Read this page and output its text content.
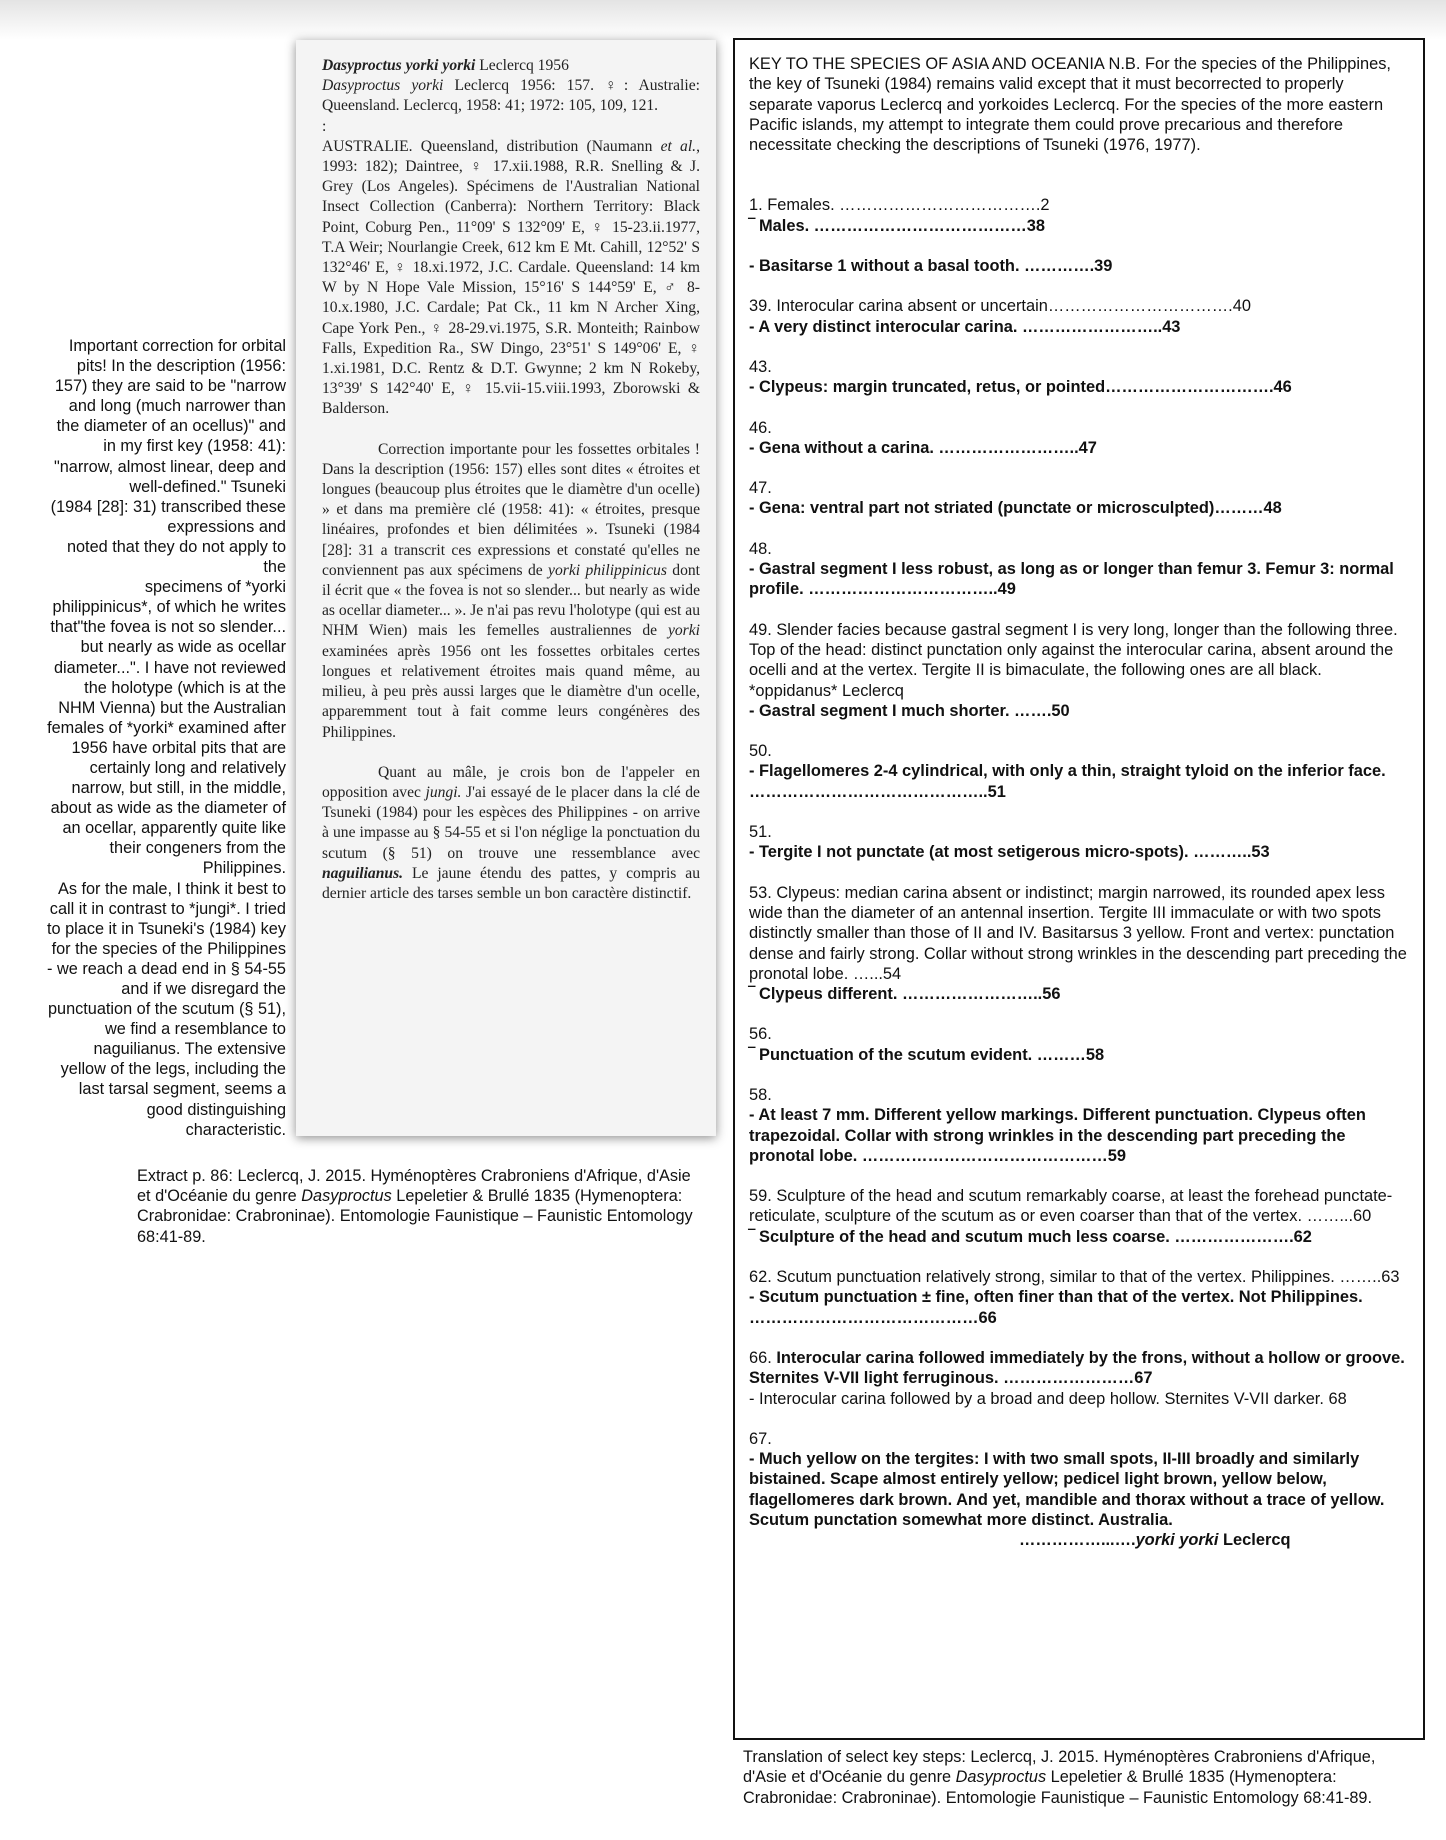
Important correction for orbital
pits! In the description (1956:
157) they are said to be "narrow
and long (much narrower than
the diameter of an ocellus)" and
in my first key (1958: 41):
"narrow, almost linear, deep and
well-defined." Tsuneki
(1984 [28]: 31) transcribed these
expressions and
noted that they do not apply to
the
specimens of *yorki
philippinicus*, of which he writes
that"the fovea is not so slender...
but nearly as wide as ocellar
diameter...". I have not reviewed
the holotype (which is at the
NHM Vienna) but the Australian
females of *yorki* examined after
1956 have orbital pits that are
certainly long and relatively
narrow, but still, in the middle,
about as wide as the diameter of
an ocellar, apparently quite like
their congeners from the
Philippines.
As for the male, I think it best to
call it in contrast to *jungi*. I tried
to place it in Tsuneki's (1984) key
for the species of the Philippines
- we reach a dead end in § 54-55
and if we disregard the
punctuation of the scutum (§ 51),
we find a resemblance to
naguilianus. The extensive
yellow of the legs, including the
last tarsal segment, seems a
good distinguishing
characteristic.
Dasyproctus yorki yorki Leclercq 1956
Dasyproctus yorki Leclercq 1956: 157. ♀: Australie: Queensland. Leclercq, 1958: 41; 1972: 105, 109, 121.
:
AUSTRALIE. Queensland, distribution (Naumann et al., 1993: 182); Daintree, ♀ 17.xii.1988, R.R. Snelling & J. Grey (Los Angeles). Spécimens de l'Australian National Insect Collection (Canberra): Northern Territory: Black Point, Coburg Pen., 11°09' S 132°09' E, ♀ 15-23.ii.1977, T.A Weir; Nourlangie Creek, 612 km E Mt. Cahill, 12°52' S 132°46' E, ♀ 18.xi.1972, J.C. Cardale. Queensland: 14 km W by N Hope Vale Mission, 15°16' S 144°59' E, ♂ 8-10.x.1980, J.C. Cardale; Pat Ck., 11 km N Archer Xing, Cape York Pen., ♀ 28-29.vi.1975, S.R. Monteith; Rainbow Falls, Expedition Ra., SW Dingo, 23°51' S 149°06' E, ♀ 1.xi.1981, D.C. Rentz & D.T. Gwynne; 2 km N Rokeby, 13°39' S 142°40' E, ♀ 15.vii-15.viii.1993, Zborowski & Balderson.
Correction importante pour les fossettes orbitales ! Dans la description (1956: 157) elles sont dites « étroites et longues (beaucoup plus étroites que le diamètre d'un ocelle) » et dans ma première clé (1958: 41): « étroites, presque linéaires, profondes et bien délimitées ». Tsuneki (1984 [28]: 31 a transcrit ces expressions et constaté qu'elles ne conviennent pas aux spécimens de yorki philippinicus dont il écrit que « the fovea is not so slender... but nearly as wide as ocellar diameter... ». Je n'ai pas revu l'holotype (qui est au NHM Wien) mais les femelles australiennes de yorki examinées après 1956 ont les fossettes orbitales certes longues et relativement étroites mais quand même, au milieu, à peu près aussi larges que le diamètre d'un ocelle, apparemment tout à fait comme leurs congénères des Philippines.
Quant au mâle, je crois bon de l'appeler en opposition avec jungi. J'ai essayé de le placer dans la clé de Tsuneki (1984) pour les espèces des Philippines - on arrive à une impasse au § 54-55 et si l'on néglige la ponctuation du scutum (§ 51) on trouve une ressemblance avec naguilianus. Le jaune étendu des pattes, y compris au dernier article des tarses semble un bon caractère distinctif.
Extract p. 86: Leclercq, J. 2015. Hyménoptères Crabroniens d'Afrique, d'Asie et d'Océanie du genre Dasyproctus Lepeletier & Brullé 1835 (Hymenoptera: Crabronidae: Crabroninae). Entomologie Faunistique – Faunistic Entomology 68:41-89.
KEY TO THE SPECIES OF ASIA AND OCEANIA N.B. For the species of the Philippines, the key of Tsuneki (1984) remains valid except that it must becorrected to properly separate vaporus Leclercq and yorkoides Leclercq. For the species of the more eastern Pacific islands, my attempt to integrate them could prove precarious and therefore necessitate checking the descriptions of Tsuneki (1976, 1977).
1. Females. ……………………………….2
‾ Males. …………………………………38
- Basitarse 1 without a basal tooth. ………….39
39. Interocular carina absent or uncertain…………………………….40
- A very distinct interocular carina. ……………………..43
43.
- Clypeus: margin truncated, retus, or pointed………………………….46
46.
- Gena without a carina. ……………………..47
47.
- Gena: ventral part not striated (punctate or microsculpted)………48
48.
- Gastral segment I less robust, as long as or longer than femur 3. Femur 3: normal profile. ……………………………..49
49. Slender facies because gastral segment I is very long, longer than the following three. Top of the head: distinct punctation only against the interocular carina, absent around the ocelli and at the vertex. Tergite II is bimaculate, the following ones are all black. *oppidanus* Leclercq
- Gastral segment I much shorter. …….50
50.
- Flagellomeres 2-4 cylindrical, with only a thin, straight tyloid on the inferior face. ……………………………………..51
51.
- Tergite I not punctate (at most setigerous micro-spots). ………..53
53. Clypeus: median carina absent or indistinct; margin narrowed, its rounded apex less wide than the diameter of an antennal insertion. Tergite III immaculate or with two spots distinctly smaller than those of II and IV. Basitarsus 3 yellow. Front and vertex: punctation dense and fairly strong. Collar without strong wrinkles in the descending part preceding the pronotal lobe. …...54
‾ Clypeus different. ……………………..56
56.
‾ Punctuation of the scutum evident. ………58
58.
- At least 7 mm. Different yellow markings. Different punctuation. Clypeus often trapezoidal. Collar with strong wrinkles in the descending part preceding the pronotal lobe. ………………………………………59
59. Sculpture of the head and scutum remarkably coarse, at least the forehead punctate-reticulate, sculpture of the scutum as or even coarser than that of the vertex. ……...60
‾ Sculpture of the head and scutum much less coarse. ………………….62
62. Scutum punctuation relatively strong, similar to that of the vertex. Philippines. ……..63
- Scutum punctuation ± fine, often finer than that of the vertex. Not Philippines. ……………………………………66
66. Interocular carina followed immediately by the frons, without a hollow or groove. Sternites V-VII light ferruginous. ……………………67
- Interocular carina followed by a broad and deep hollow. Sternites V-VII darker. 68
67.
- Much yellow on the tergites: I with two small spots, II-III broadly and similarly bistained. Scape almost entirely yellow; pedicel light brown, yellow below, flagellomeres dark brown. And yet, mandible and thorax without a trace of yellow. Scutum punctation somewhat more distinct. Australia.
……………...….yorki yorki Leclercq
Translation of select key steps: Leclercq, J. 2015. Hyménoptères Crabroniens d'Afrique, d'Asie et d'Océanie du genre Dasyproctus Lepeletier & Brullé 1835 (Hymenoptera: Crabronidae: Crabroninae). Entomologie Faunistique – Faunistic Entomology 68:41-89.
